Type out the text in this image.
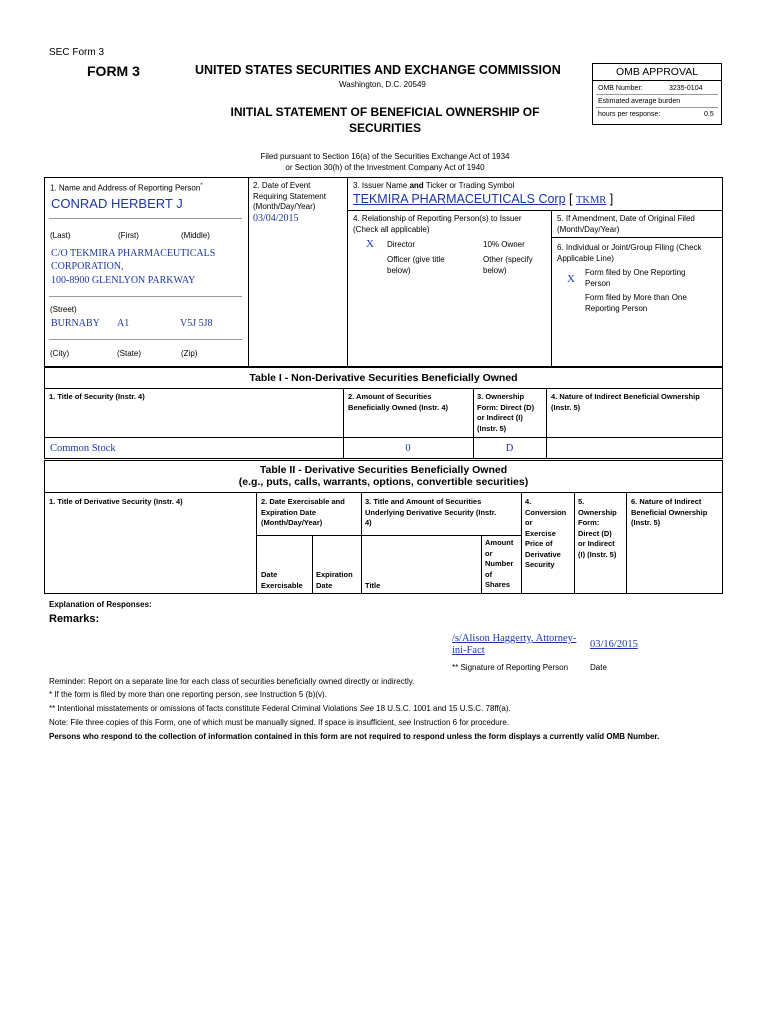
SEC Form 3
FORM 3	UNITED STATES SECURITIES AND EXCHANGE COMMISSION
Washington, D.C. 20549
INITIAL STATEMENT OF BENEFICIAL OWNERSHIP OF
SECURITIES
OMB APPROVAL
OMB Number:	3235-0104
Estimated average burden
hours per response:	0.5
Filed pursuant to Section 16(a) of the Securities Exchange Act of 1934
or Section 30(h) of the Investment Company Act of 1940
1. Name and Address of Reporting Person*
CONRAD HERBERT J
(Last)	(First)	(Middle)
C/O TEKMIRA PHARMACEUTICALS
CORPORATION,
100-8900 GLENLYON PARKWAY
(Street)
BURNABY A1	V5J 5J8
(City)	(State)	(Zip)
2. Date of Event
Requiring Statement
(Month/Day/Year)
03/04/2015
3. Issuer Name and Ticker or Trading Symbol
TEKMIRA PHARMACEUTICALS Corp [ TKMR ]
4. Relationship of Reporting Person(s) to Issuer
(Check all applicable)
X Director	10% Owner
Officer (give title
below)
Other (specify
below)
5. If Amendment, Date of Original Filed
(Month/Day/Year)
6. Individual or Joint/Group Filing (Check
Applicable Line)
X
Form filed by One Reporting
Person
Form filed by More than One
Reporting Person
Table I - Non-Derivative Securities Beneficially Owned
1. Title of Security (Instr. 4)	2. Amount of Securities
Beneficially Owned (Instr. 4)
3. Ownership
Form: Direct (D)
or Indirect (I)
(Instr. 5)
4. Nature of Indirect Beneficial Ownership
(Instr. 5)
Common Stock	0	D
Table II - Derivative Securities Beneficially Owned
(e.g., puts, calls, warrants, options, convertible securities)
1. Title of Derivative Security (Instr. 4)	2. Date Exercisable and
Expiration Date
(Month/Day/Year)
3. Title and Amount of Securities
Underlying Derivative Security (Instr.
4)
4.
Conversion
or
Exercise
Price of
Derivative
Security
5.
Ownership
Form:
Direct (D)
or Indirect
(I) (Instr. 5)
6. Nature of Indirect
Beneficial Ownership
(Instr. 5)
Date
Exercisable
Expiration
Date	Title
Amount
or
Number
of
Shares
Explanation of Responses:
Remarks:
/s/Alison Haggerty, Attorney-
ini-Fact
03/16/2015
** Signature of Reporting Person	Date
Reminder: Report on a separate line for each class of securities beneficially owned directly or indirectly.
* If the form is filed by more than one reporting person, see Instruction 5 (b)(v).
** Intentional misstatements or omissions of facts constitute Federal Criminal Violations See 18 U.S.C. 1001 and 15 U.S.C. 78ff(a).
Note: File three copies of this Form, one of which must be manually signed. If space is insufficient, see Instruction 6 for procedure.
Persons who respond to the collection of information contained in this form are not required to respond unless the form displays a currently valid OMB Number.
